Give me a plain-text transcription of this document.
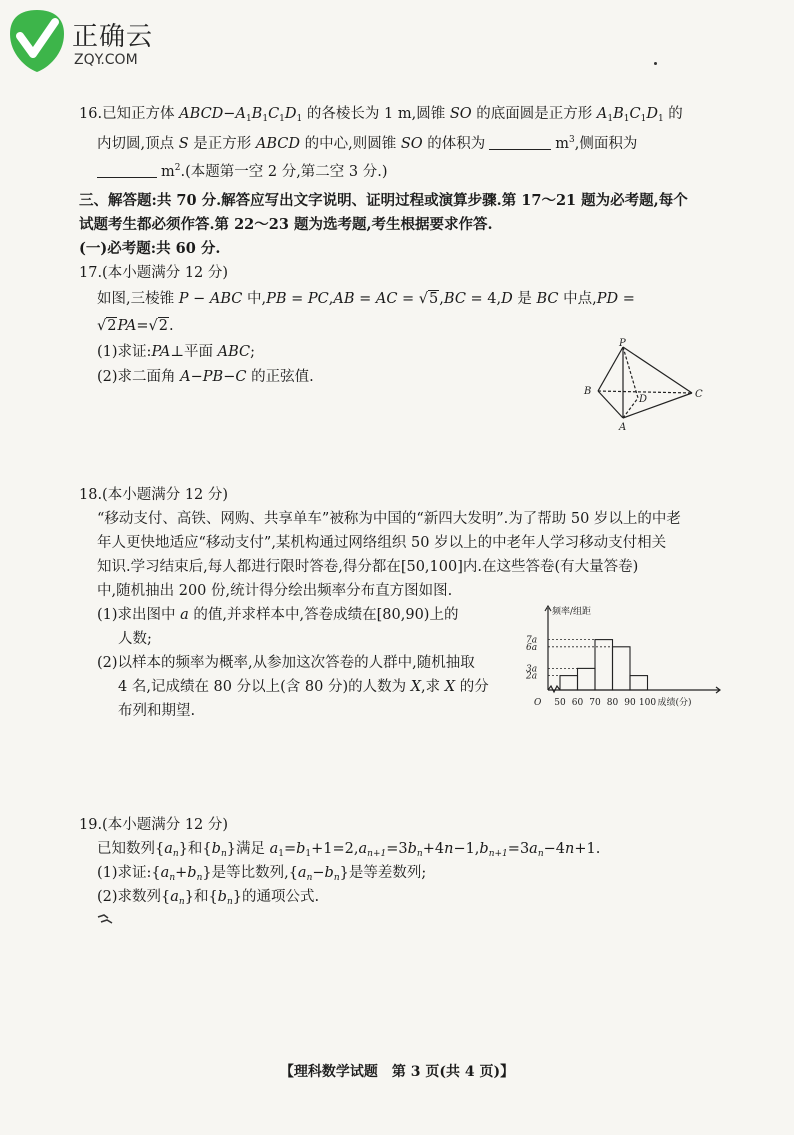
正确云
ZQY.COM
16.已知正方体 $ABCD-A_1B_1C_1D_1$ 的各棱长为 1 m,圆锥 SO 的底面圆是正方形 $A_1B_1C_1D_1$ 的
内切圆,顶点 S 是正方形 ABCD 的中心,则圆锥 SO 的体积为	$m^3$,侧面积为
$m^2$.(本题第一空 2 分,第二空 3 分.)
三、解答题:共 70 分.解答应写出文字说明、证明过程或演算步骤.第 17～21 题为必考题,每个
试题考生都必须作答.第 22～23 题为选考题,考生根据要求作答.
(一)必考题:共 60 分.
17.(本小题满分 12 分)
如图,三棱锥 P − ABC 中,PB = PC,AB = AC = √5,BC = 4,D 是 BC 中点,PD =
√2PA=√2.
(1)求证:PA⊥平面 ABC;
(2)求二面角 A−PB−C 的正弦值.
P
B	C
D
A
18.(本小题满分 12 分)
“移动支付、高铁、网购、共享单车”被称为中国的“新四大发明”.为了帮助 50 岁以上的中老
年人更快地适应“移动支付”,某机构通过网络组织 50 岁以上的中老年人学习移动支付相关
知识.学习结束后,每人都进行限时答卷,得分都在[50,100]内.在这些答卷(有大量答卷)
中,随机抽出 200 份,统计得分绘出频率分布直方图如图.
(1)求出图中 a 的值,并求样本中,答卷成绩在[80,90)上的
人数;
(2)以样本的频率为概率,从参加这次答卷的人群中,随机抽取
4 名,记成绩在 80 分以上(含 80 分)的人数为 X,求 X 的分
布列和期望.
7a
6a
3a
2a
50 60 70 80 90 100 成绩(分)
频率/组距
O
19.(本小题满分 12 分)
已知数列$\{a_n\}$和$\{b_n\}$满足 $a_1=b_1+1=2,a_{n+1}=3b_n+4n-1,b_{n+1}=3a_n-4n+1$.
(1)求证$:\{a_n+b_n\}$是等比数列$,\{a_n-b_n\}$是等差数列;
(2)求数列$\{a_n\}$和$\{b_n\}$的通项公式.
【理科数学试题　第 3 页(共 4 页)】
